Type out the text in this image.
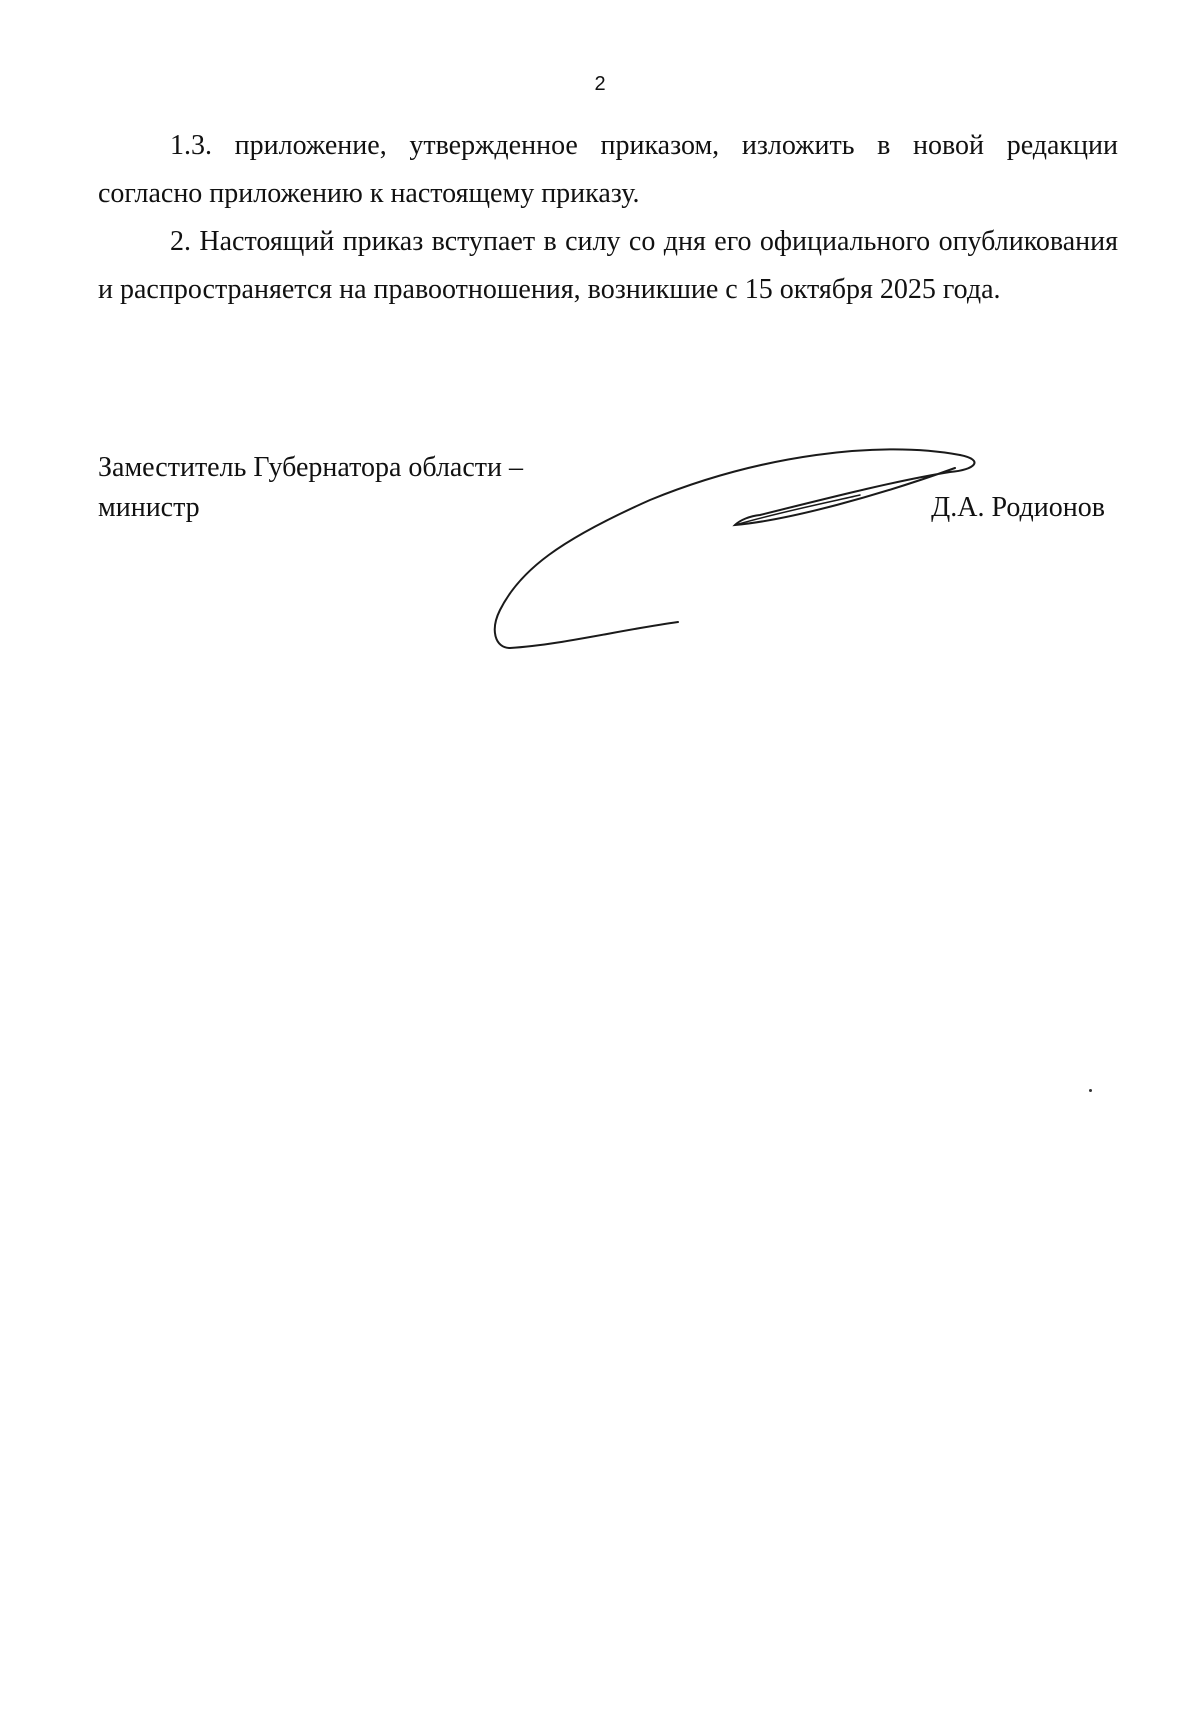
2

1.3. приложение, утвержденное приказом, изложить в новой редакции согласно приложению к настоящему приказу.

2. Настоящий приказ вступает в силу со дня его официального опубликования и распространяется на правоотношения, возникшие с 15 октября 2025 года.

Заместитель Губернатора области –
министр	Д.А. Родионов
